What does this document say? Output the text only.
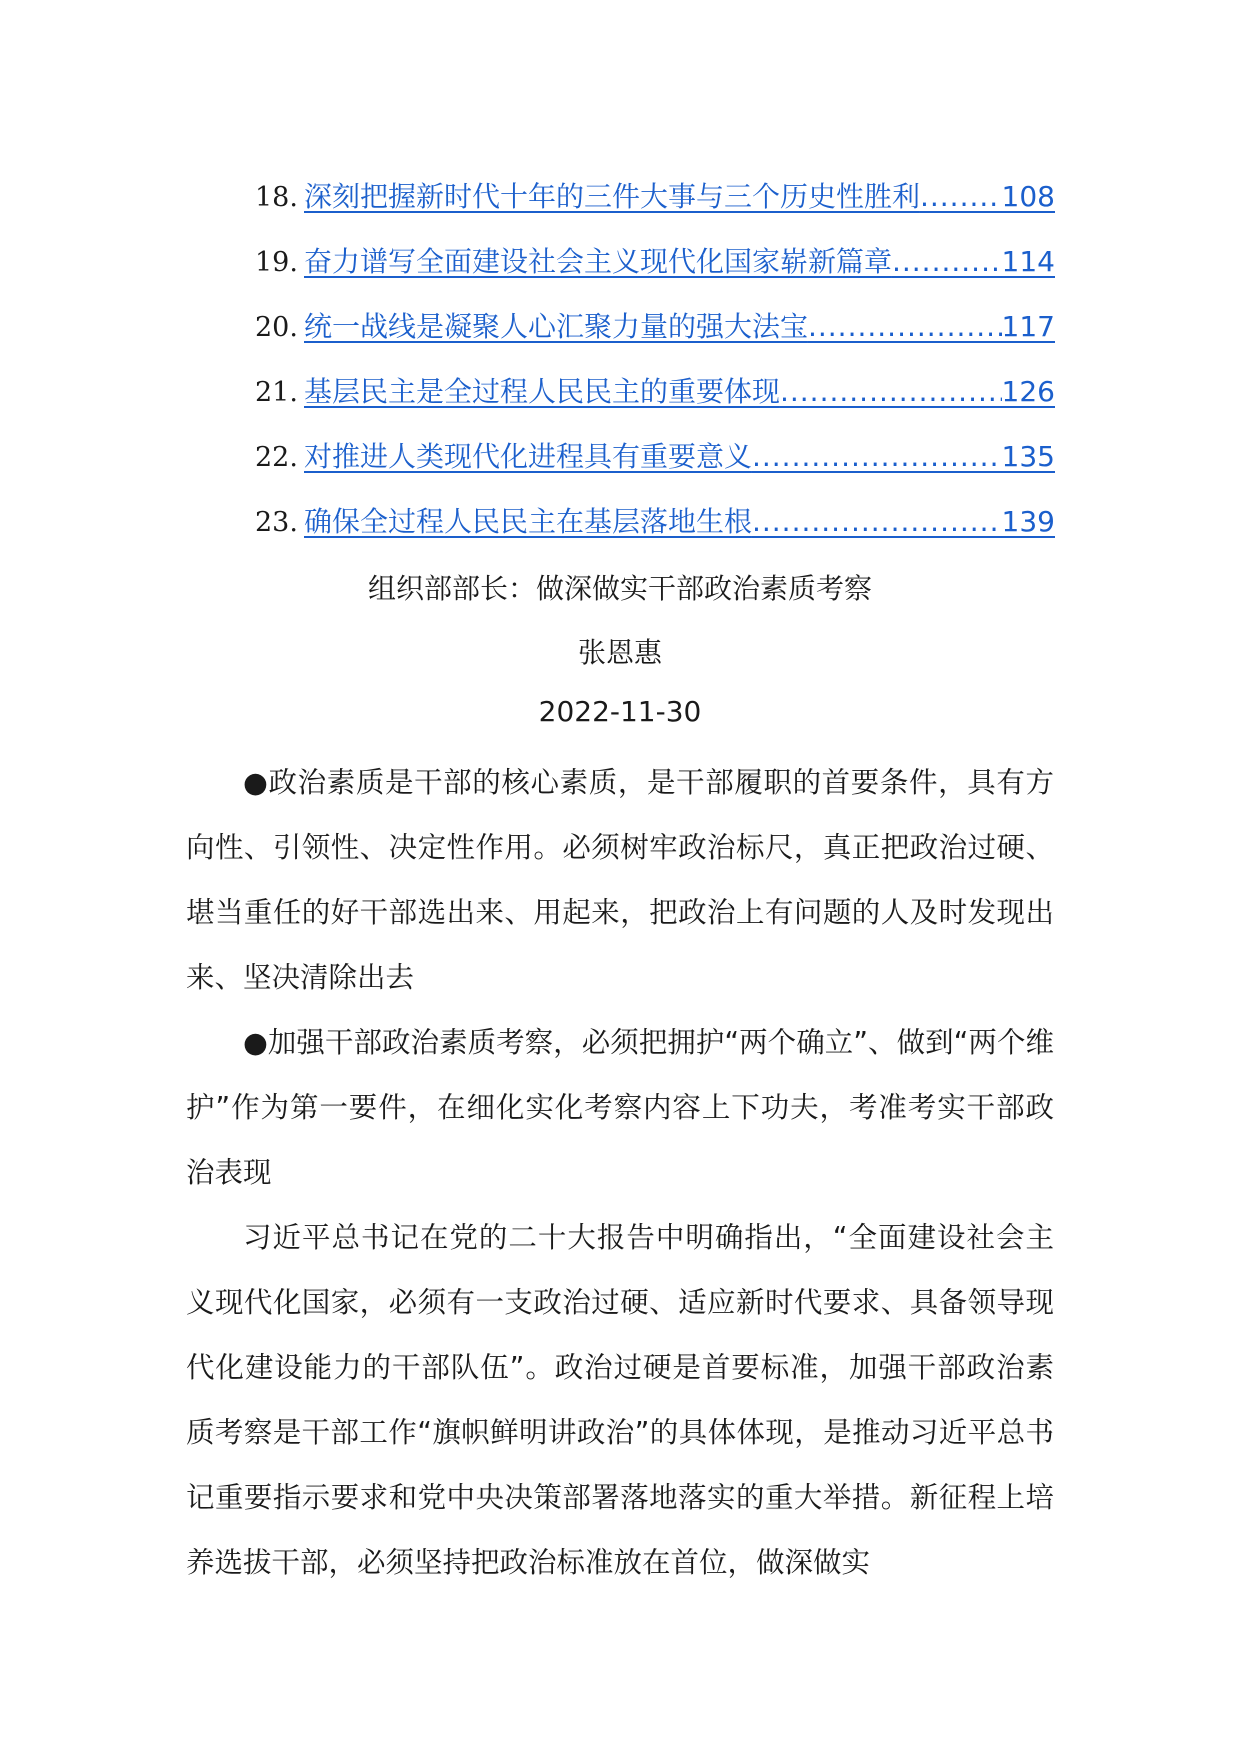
18. 深刻把握新时代十年的三件大事与三个历史性胜利 .....	108
19. 奋力谱写全面建设社会主义现代化国家崭新篇章 .....	114
20. 统一战线是凝聚人心汇聚力量的强大法宝 .....	117
21. 基层民主是全过程人民民主的重要体现 .....	126
22. 对推进人类现代化进程具有重要意义 .....	135
23. 确保全过程人民民主在基层落地生根 .....	139
组织部部长：做深做实干部政治素质考察
张恩惠
2022-11-30

●政治素质是干部的核心素质，是干部履职的首要条件，具有方向性、引领性、决定性作用。必须树牢政治标尺，真正把政治过硬、堪当重任的好干部选出来、用起来，把政治上有问题的人及时发现出来、坚决清除出去

●加强干部政治素质考察，必须把拥护“两个确立”、做到“两个维护”作为第一要件，在细化实化考察内容上下功夫，考准考实干部政治表现

习近平总书记在党的二十大报告中明确指出，“全面建设社会主义现代化国家，必须有一支政治过硬、适应新时代要求、具备领导现代化建设能力的干部队伍”。政治过硬是首要标准，加强干部政治素质考察是干部工作“旗帜鲜明讲政治”的具体体现，是推动习近平总书记重要指示要求和党中央决策部署落地落实的重大举措。新征程上培养选拔干部，必须坚持把政治标准放在首位，做深做实
